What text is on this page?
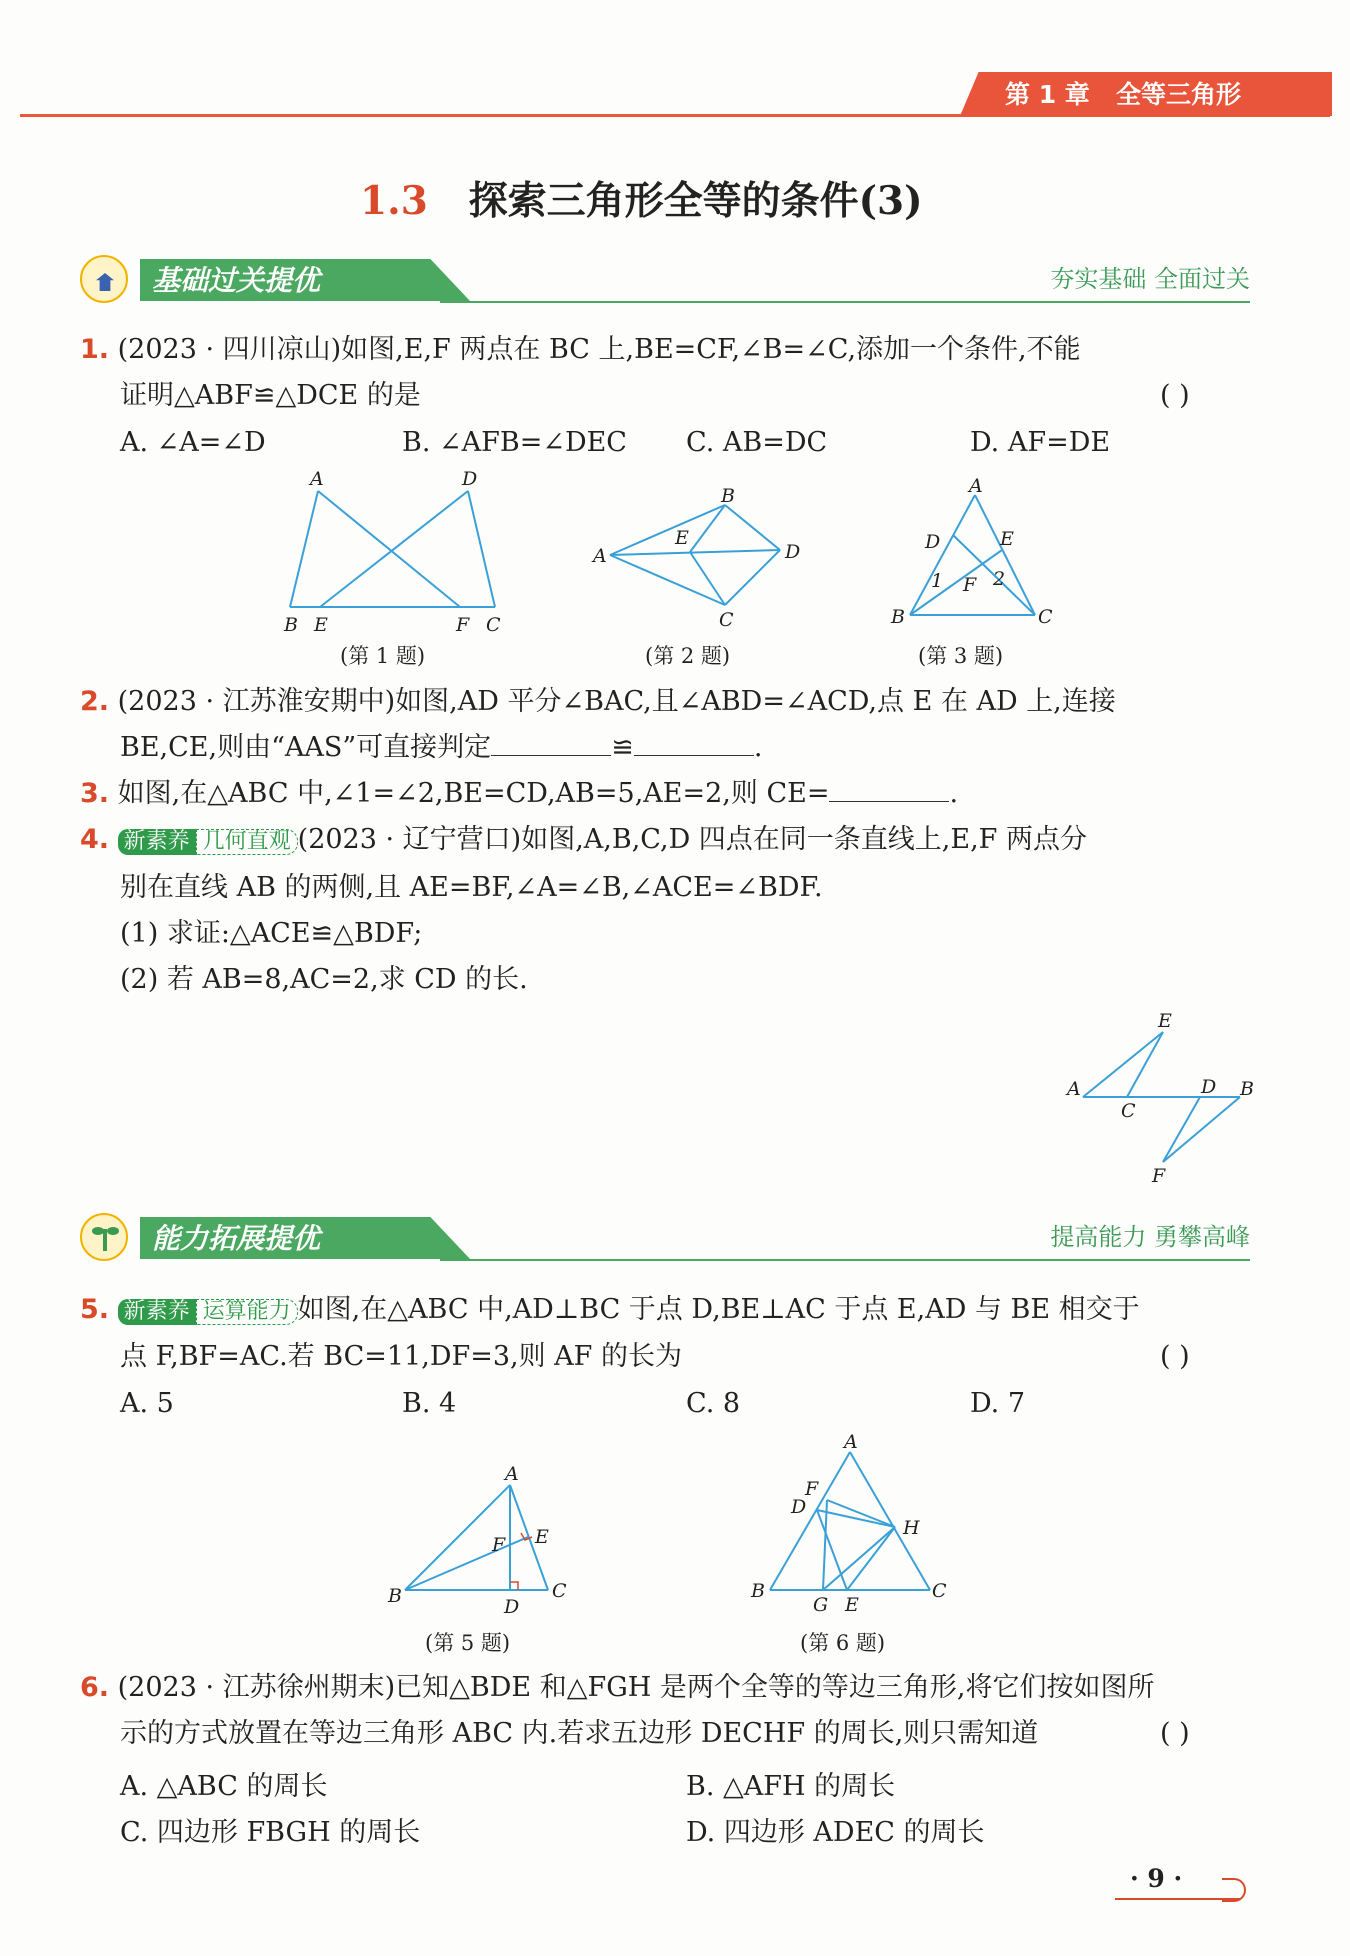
第 1 章 全等三角形
1.3 探索三角形全等的条件(3)
基础过关提优	夯实基础 全面过关
1. (2023 · 四川凉山)如图,E,F 两点在 BC 上,BE=CF,∠B=∠C,添加一个条件,不能
证明△ABF≌△DCE 的是	( )
A. ∠A=∠D	B. ∠AFB=∠DEC C. AB=DC	D. AF=DE
A	D
B E	F C
(第 1 题)
B
A
E
D
C
(第 2 题)
A
D	E
1 F 2
B	C
(第 3 题)
2. (2023 · 江苏淮安期中)如图,AD 平分∠BAC,且∠ABD=∠ACD,点 E 在 AD 上,连接
BE,CE,则由“AAS”可直接判定	≌	.
3. 如图,在△ABC 中,∠1=∠2,BE=CD,AB=5,AE=2,则 CE=	.
4. 新素养 几何直观 (2023 · 辽宁营口)如图,A,B,C,D 四点在同一条直线上,E,F 两点分
别在直线 AB 的两侧,且 AE=BF,∠A=∠B,∠ACE=∠BDF.
(1) 求证:△ACE≌△BDF;
(2) 若 AB=8,AC=2,求 CD 的长.
E
A
C
D B
F
能力拓展提优	提高能力 勇攀高峰
5. 新素养 运算能力 如图,在△ABC 中,AD⊥BC 于点 D,BE⊥AC 于点 E,AD 与 BE 相交于
点 F,BF=AC.若 BC=11,DF=3,则 AF 的长为	( )
A. 5	B. 4	C. 8	D. 7
A
F E
B	D
C
(第 5 题)
A
F
D
H
B
G E
C
(第 6 题)
6. (2023 · 江苏徐州期末)已知△BDE 和△FGH 是两个全等的等边三角形,将它们按如图所
示的方式放置在等边三角形 ABC 内.若求五边形 DECHF 的周长,则只需知道	( )
A. △ABC 的周长	B. △AFH 的周长
C. 四边形 FBGH 的周长	D. 四边形 ADEC 的周长
· 9 ·
